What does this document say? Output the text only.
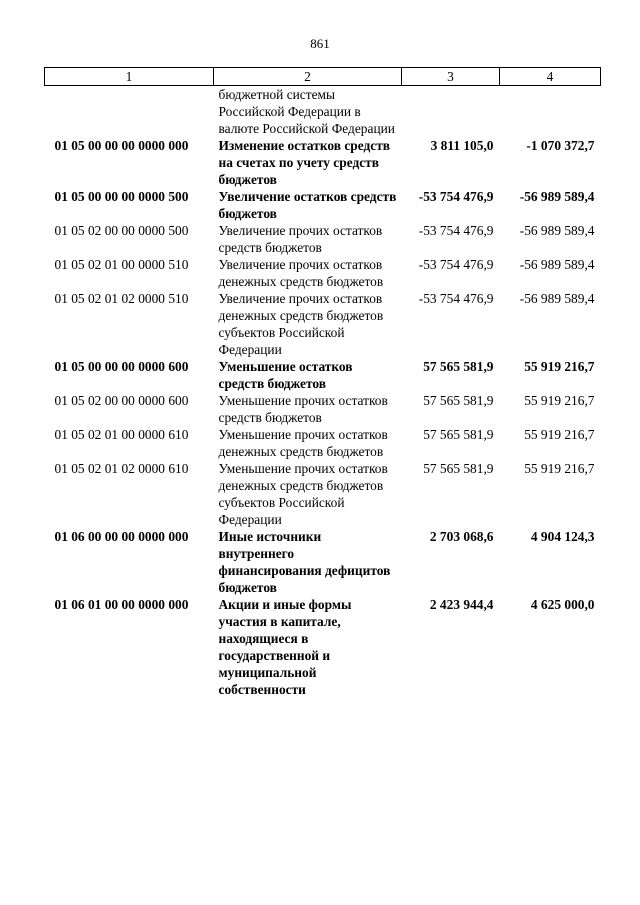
861
1	2	3	4
	бюджетной системы Российской Федерации в валюте Российской Федерации		
01 05 00 00 00 0000 000	Изменение остатков средств на счетах по учету средств бюджетов	3 811 105,0	-1 070 372,7
01 05 00 00 00 0000 500	Увеличение остатков средств бюджетов	-53 754 476,9	-56 989 589,4
01 05 02 00 00 0000 500	Увеличение прочих остатков средств бюджетов	-53 754 476,9	-56 989 589,4
01 05 02 01 00 0000 510	Увеличение прочих остатков денежных средств бюджетов	-53 754 476,9	-56 989 589,4
01 05 02 01 02 0000 510	Увеличение прочих остатков денежных средств бюджетов субъектов Российской Федерации	-53 754 476,9	-56 989 589,4
01 05 00 00 00 0000 600	Уменьшение остатков средств бюджетов	57 565 581,9	55 919 216,7
01 05 02 00 00 0000 600	Уменьшение прочих остатков средств бюджетов	57 565 581,9	55 919 216,7
01 05 02 01 00 0000 610	Уменьшение прочих остатков денежных средств бюджетов	57 565 581,9	55 919 216,7
01 05 02 01 02 0000 610	Уменьшение прочих остатков денежных средств бюджетов субъектов Российской Федерации	57 565 581,9	55 919 216,7
01 06 00 00 00 0000 000	Иные источники внутреннего финансирования дефицитов бюджетов	2 703 068,6	4 904 124,3
01 06 01 00 00 0000 000	Акции и иные формы участия в капитале, находящиеся в государственной и муниципальной собственности	2 423 944,4	4 625 000,0
